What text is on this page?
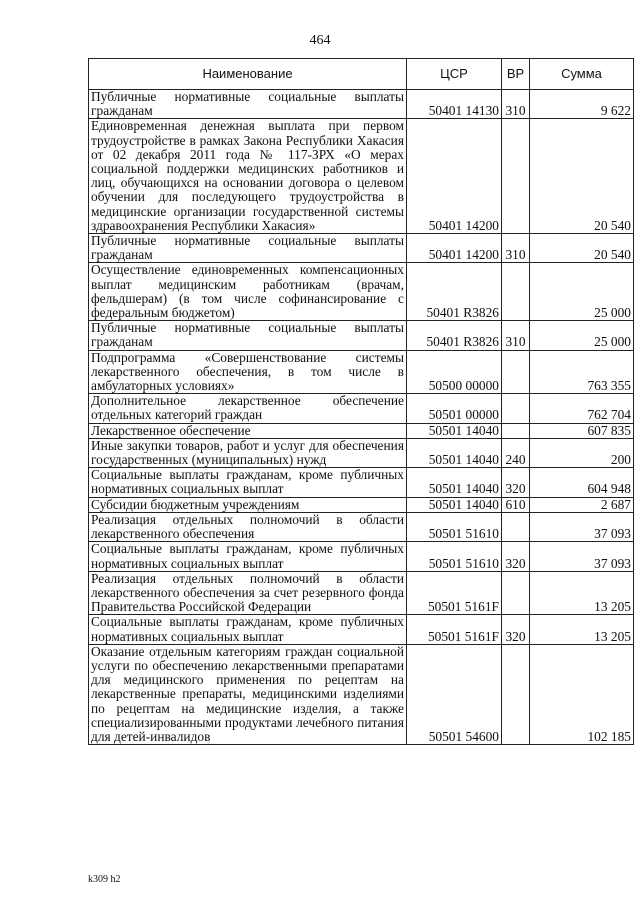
464
Наименование	ЦСР	ВР	Сумма
Публичные нормативные социальные выплаты гражданам	50401 14130	310	9 622
Единовременная денежная выплата при первом трудоустройстве в рамках Закона Республики Хакасия от 02 декабря 2011 года № 117-ЗРХ «О мерах социальной поддержки медицинских работников и лиц, обучающихся на основании договора о целевом обучении для последующего трудоустройства в медицинские организации государственной системы здравоохранения Республики Хакасия»	50401 14200		20 540
Публичные нормативные социальные выплаты гражданам	50401 14200	310	20 540
Осуществление единовременных компенсационных выплат медицинским работникам (врачам, фельдшерам) (в том числе софинансирование с федеральным бюджетом)	50401 R3826		25 000
Публичные нормативные социальные выплаты гражданам	50401 R3826	310	25 000
Подпрограмма «Совершенствование системы лекарственного обеспечения, в том числе в амбулаторных условиях»	50500 00000		763 355
Дополнительное лекарственное обеспечение отдельных категорий граждан	50501 00000		762 704
Лекарственное обеспечение	50501 14040		607 835
Иные закупки товаров, работ и услуг для обеспечения государственных (муниципальных) нужд	50501 14040	240	200
Социальные выплаты гражданам, кроме публичных нормативных социальных выплат	50501 14040	320	604 948
Субсидии бюджетным учреждениям	50501 14040	610	2 687
Реализация отдельных полномочий в области лекарственного обеспечения	50501 51610		37 093
Социальные выплаты гражданам, кроме публичных нормативных социальных выплат	50501 51610	320	37 093
Реализация отдельных полномочий в области лекарственного обеспечения за счет резервного фонда Правительства Российской Федерации	50501 5161F		13 205
Социальные выплаты гражданам, кроме публичных нормативных социальных выплат	50501 5161F	320	13 205
Оказание отдельным категориям граждан социальной услуги по обеспечению лекарственными препаратами для медицинского применения по рецептам на лекарственные препараты, медицинскими изделиями по рецептам на медицинские изделия, а также специализированными продуктами лечебного питания для детей-инвалидов	50501 54600		102 185
k309 h2
